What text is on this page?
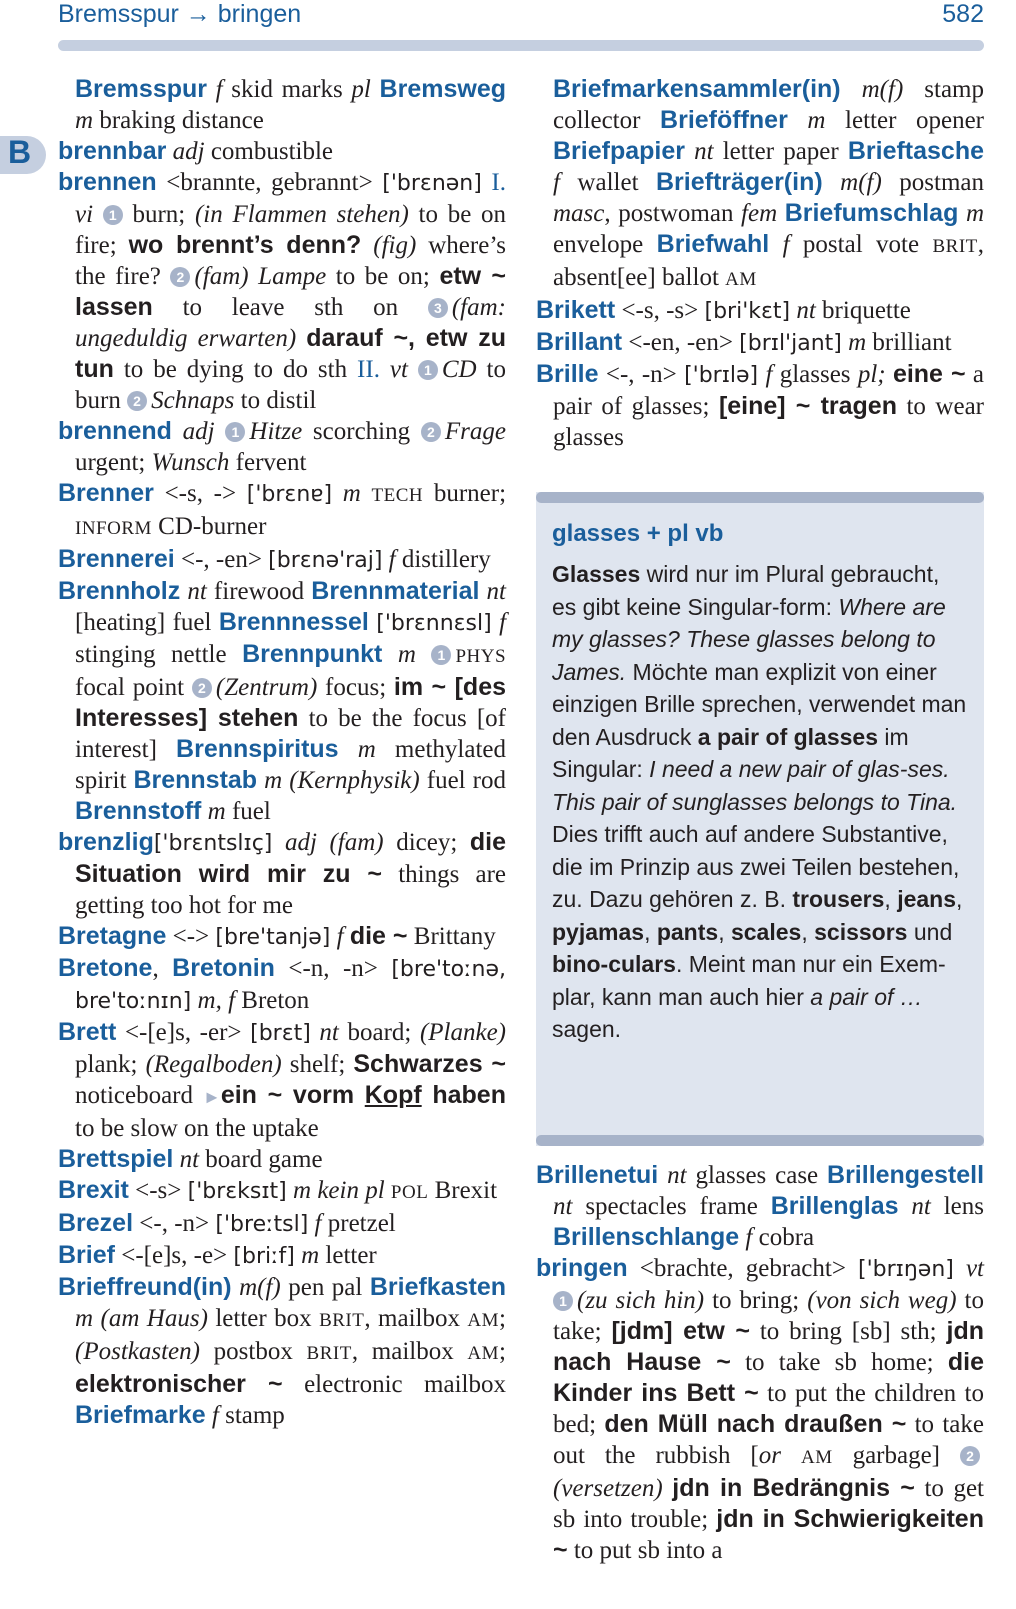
Bremsspur → bringen	582
B

Bremsspur f skid marks pl Bremsweg m braking distance

brennbar adj combustible

brennen <brannte, gebrannt> ['brɛnən] I. vi 1 burn; (in Flammen stehen) to be on fire; wo brennt’s denn? (fig) where’s the fire? 2 (fam) Lampe to be on; etw ~ lassen to leave sth on 3 (fam: ungeduldig erwarten) darauf ~, etw zu tun to be dying to do sth II. vt 1 CD to burn 2 Schnaps to distil

brennend adj 1 Hitze scorching 2 Frage urgent; Wunsch fervent

Brenner <-s, -> ['brɛnɐ] m TECH burner; INFORM CD-burner

Brennerei <-, -en> [brɛnə'raj] f distillery

Brennholz nt firewood Brennmaterial nt [heating] fuel Brennnessel ['brɛnnɛsl] f stinging nettle Brennpunkt m 1 PHYS focal point 2 (Zentrum) focus; im ~ [des Interesses] stehen to be the focus [of interest] Brennspiritus m methylated spirit Brennstab m (Kernphysik) fuel rod Brennstoff m fuel

brenzlig['brɛntslɪç] adj (fam) dicey; die Situation wird mir zu ~ things are getting too hot for me

Bretagne <-> [bre'tanjə] f die ~ Brittany

Bretone, Bretonin <-n, -n> [bre'toːnə, bre'toːnɪn] m, f Breton

Brett <-[e]s, -er> [brɛt] nt board; (Planke) plank; (Regalboden) shelf; Schwarzes ~ noticeboard ►ein ~ vorm Kopf haben to be slow on the uptake

Brettspiel nt board game

Brexit <-s> ['brɛksɪt] m kein pl POL Brexit

Brezel <-, -n> ['breːtsl] f pretzel

Brief <-[e]s, -e> [briːf] m letter

Brieffreund(in) m(f) pen pal Briefkasten m (am Haus) letter box BRIT, mailbox AM; (Postkasten) postbox BRIT, mailbox AM; elektronischer ~ electronic mailbox Briefmarke f stamp

Briefmarkensammler(in) m(f) stamp collector Brieföffner m letter opener Briefpapier nt letter paper Brieftasche f wallet Briefträger(in) m(f) postman masc, postwoman fem Briefumschlag m envelope Briefwahl f postal vote BRIT, absent[ee] ballot AM

Brikett <-s, -s> [bri'kɛt] nt briquette

Brillant <-en, -en> [brɪl'jant] m brilliant

Brille <-, -n> ['brɪlə] f glasses pl; eine ~ a pair of glasses; [eine] ~ tragen to wear glasses

glasses + pl vb
Glasses wird nur im Plural gebraucht, es gibt keine Singular-form: Where are my glasses? These glasses belong to James. Möchte man explizit von einer einzigen Brille sprechen, verwendet man den Ausdruck a pair of glasses im Singular: I need a new pair of glas-ses. This pair of sunglasses belongs to Tina. Dies trifft auch auf andere Substantive, die im Prinzip aus zwei Teilen bestehen, zu. Dazu gehören z. B. trousers, jeans, pyjamas, pants, scales, scissors und bino-culars. Meint man nur ein Exem-plar, kann man auch hier a pair of … sagen.

Brillenetui nt glasses case Brillengestell nt spectacles frame Brillenglas nt lens Brillenschlange f cobra

bringen <brachte, gebracht> ['brɪŋən] vt 1 (zu sich hin) to bring; (von sich weg) to take; [jdm] etw ~ to bring [sb] sth; jdn nach Hause ~ to take sb home; die Kinder ins Bett ~ to put the children to bed; den Müll nach draußen ~ to take out the rubbish [or AM garbage] 2(versetzen) jdn in Bedrängnis ~ to get sb into trouble; jdn in Schwierigkeiten ~ to put sb into a
